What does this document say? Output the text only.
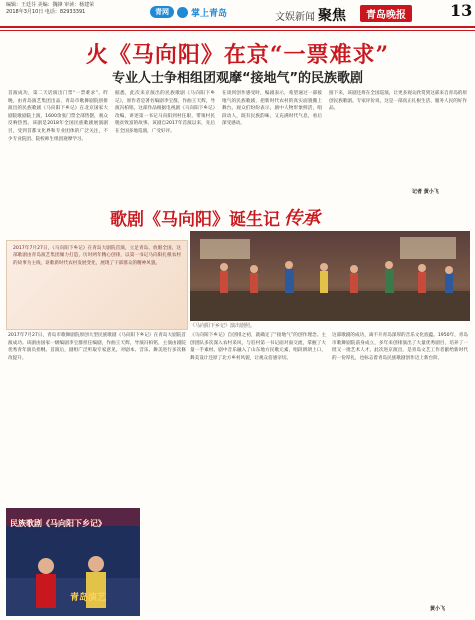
编辑：王廷芬 美编：魏锋 审读：杨建荣
2018年3月10日 电话：82933391	青网	掌上青岛	文娱新闻 聚焦	青岛晚报	13
火《马向阳》在京“一票难求”
专业人士争相组团观摩“接地气”的民族歌剧
首演成功，第二天话演出门票“一票难求”。昨晚，由青岛演艺集团出品，青岛市歌舞剧院创排演出的民族歌剧《马向阳下乡记》在北京国家大剧院歌剧院上演，1600余张门票全部售罄，观众反响热烈。该剧是2018年全国民族歌剧展演剧目，受到首都文化界和专业团体的广泛关注，不少专业院团、院校师生组团观摩学习。
据悉，此次来京演出的民族歌剧《马向阳下乡记》，原作者是著名编剧李宝群，作曲王天辉，导演冯柏铭。这部作品根据电视剧《马向阳下乡记》改编，讲述第一书记马向阳到村任职，带领村民脱贫致富的故事。该剧自2017年首演以来，先后在全国多地巡演，广受好评。
在谈到创作感受时，编剧表示，希望通过一部接地气的民族歌剧，把新时代农村的真实面貌搬上舞台。观众们纷纷表示，剧中人物形象鲜活，唱段动人，既有民族韵味，又充满时代气息，看后深受感动。
接下来，该剧还将在全国巡演，让更多观众欣赏到这部来自青岛的原创民族歌剧。专家评价说，这是一部真正扎根生活、服务人民的好作品。
记者 黄小飞
歌剧《马向阳》诞生记 传承
2017年7月27日，《马向阳下乡记》在青岛大剧院首演，立足青岛、放眼全国，这部歌剧由青岛演艺集团倾力打造，历时两年精心创排，以第一书记马向阳扎根农村的故事为主线，讴歌新时代农村发展变化，展现了干部群众的精神风貌。
《马向阳下乡记》演出剧照。
2017年7月27日，青岛市歌舞剧院原创大型民族歌剧《马向阳下乡记》在青岛大剧院首演成功。该剧由国家一级编剧李宝群担任编剧，作曲王天辉，导演冯柏铭，主演由剧院优秀青年演员担纲。首演后，剧组广泛听取专家意见，对剧本、音乐、舞美进行多次修改提升。
《马向阳下乡记》自创排之初，就确定了“接地气”的创作理念。主创团队多次深入农村采风，与驻村第一书记面对面交流，掌握了大量一手素材。剧中音乐融入了山东地方民歌元素，唱段朗朗上口，舞美设计还原了北方乡村风貌，让观众倍感亲切。
这部歌剧的成功，离不开青岛深厚的音乐文化底蕴。1950年，青岛市歌舞剧院前身成立，多年来创排演出了大量优秀剧目，培养了一批又一批艺术人才。此次进京演出，是青岛文艺工作者献给新时代的一份厚礼，也标志着青岛民族歌剧创作迈上新台阶。
黄小飞
民族歌剧《马向阳下乡记》
青岛演艺
